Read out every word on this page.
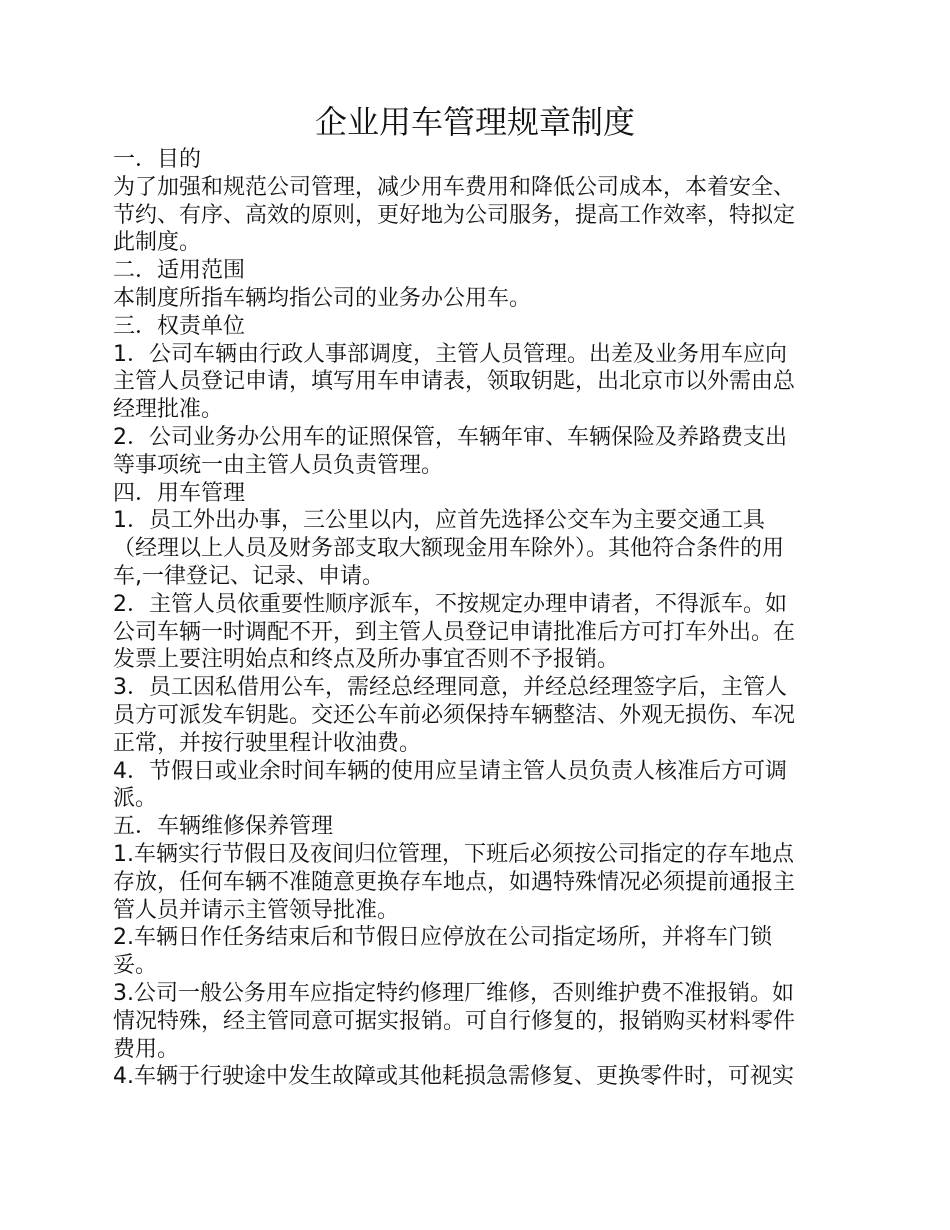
企业用车管理规章制度
一．目的
为了加强和规范公司管理，减少用车费用和降低公司成本，本着安全、
节约、有序、高效的原则，更好地为公司服务，提高工作效率，特拟定
此制度。
二．适用范围
本制度所指车辆均指公司的业务办公用车。
三．权责单位
1．公司车辆由行政人事部调度，主管人员管理。出差及业务用车应向
主管人员登记申请，填写用车申请表，领取钥匙，出北京市以外需由总
经理批准。
2．公司业务办公用车的证照保管，车辆年审、车辆保险及养路费支出
等事项统一由主管人员负责管理。
四．用车管理
1．员工外出办事，三公里以内，应首先选择公交车为主要交通工具
（经理以上人员及财务部支取大额现金用车除外）。其他符合条件的用
车,一律登记、记录、申请。
2．主管人员依重要性顺序派车，不按规定办理申请者，不得派车。如
公司车辆一时调配不开，到主管人员登记申请批准后方可打车外出。在
发票上要注明始点和终点及所办事宜否则不予报销。
3．员工因私借用公车，需经总经理同意，并经总经理签字后，主管人
员方可派发车钥匙。交还公车前必须保持车辆整洁、外观无损伤、车况
正常，并按行驶里程计收油费。
4．节假日或业余时间车辆的使用应呈请主管人员负责人核准后方可调
派。
五．车辆维修保养管理
1.车辆实行节假日及夜间归位管理，下班后必须按公司指定的存车地点
存放，任何车辆不准随意更换存车地点，如遇特殊情况必须提前通报主
管人员并请示主管领导批准。
2.车辆日作任务结束后和节假日应停放在公司指定场所，并将车门锁
妥。
3.公司一般公务用车应指定特约修理厂维修，否则维护费不准报销。如
情况特殊，经主管同意可据实报销。可自行修复的，报销购买材料零件
费用。
4.车辆于行驶途中发生故障或其他耗损急需修复、更换零件时，可视实
